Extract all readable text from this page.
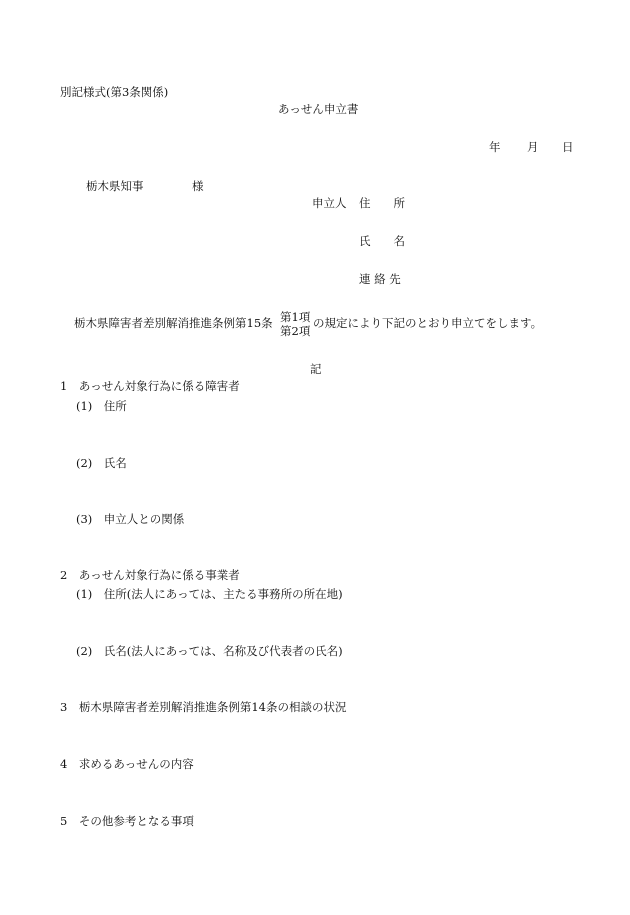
別記様式(第3条関係)
あっせん申立書
年 月 日
栃木県知事	様
申立人 住　　所
氏　　名
連 絡 先
栃木県障害者差別解消推進条例第15条 第1項
第2項
の規定により下記のとおり申立てをします。
記
1　あっせん対象行為に係る障害者
(1)　住所
(2)　氏名
(3)　申立人との関係
2　あっせん対象行為に係る事業者
(1)　住所(法人にあっては、主たる事務所の所在地)
(2)　氏名(法人にあっては、名称及び代表者の氏名)
3　栃木県障害者差別解消推進条例第14条の相談の状況
4　求めるあっせんの内容
5　その他参考となる事項
